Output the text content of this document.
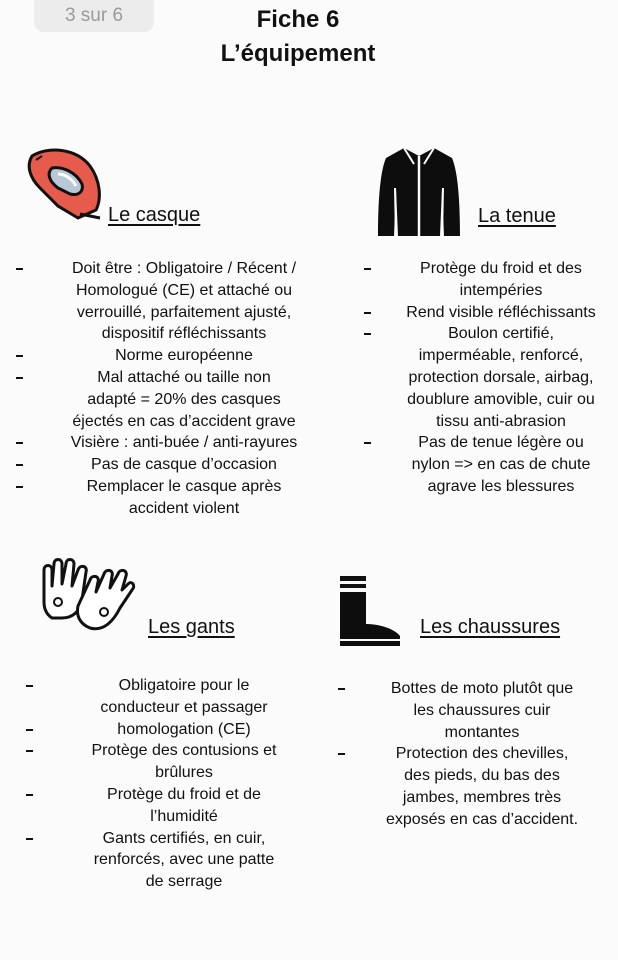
3 sur 6	Fiche 6
L’équipement
Le casque
Doit être : Obligatoire / Récent /
Homologué (CE) et attaché ou
verrouillé, parfaitement ajusté,
dispositif réfléchissants
Norme européenne
Mal attaché ou taille non
adapté = 20% des casques
éjectés en cas d’accident grave
Visière : anti-buée / anti-rayures
Pas de casque d’occasion
Remplacer le casque après
accident violent
La tenue
Protège du froid et des
intempéries
Rend visible réfléchissants
Boulon certifié,
imperméable, renforcé,
protection dorsale, airbag,
doublure amovible, cuir ou
tissu anti-abrasion
Pas de tenue légère ou
nylon => en cas de chute
agrave les blessures
Les gants
Obligatoire pour le
conducteur et passager
homologation (CE)
Protège des contusions et
brûlures
Protège du froid et de
l’humidité
Gants certifiés, en cuir,
renforcés, avec une patte
de serrage
Les chaussures
Bottes de moto plutôt que
les chaussures cuir
montantes
Protection des chevilles,
des pieds, du bas des
jambes, membres très
exposés en cas d’accident.
